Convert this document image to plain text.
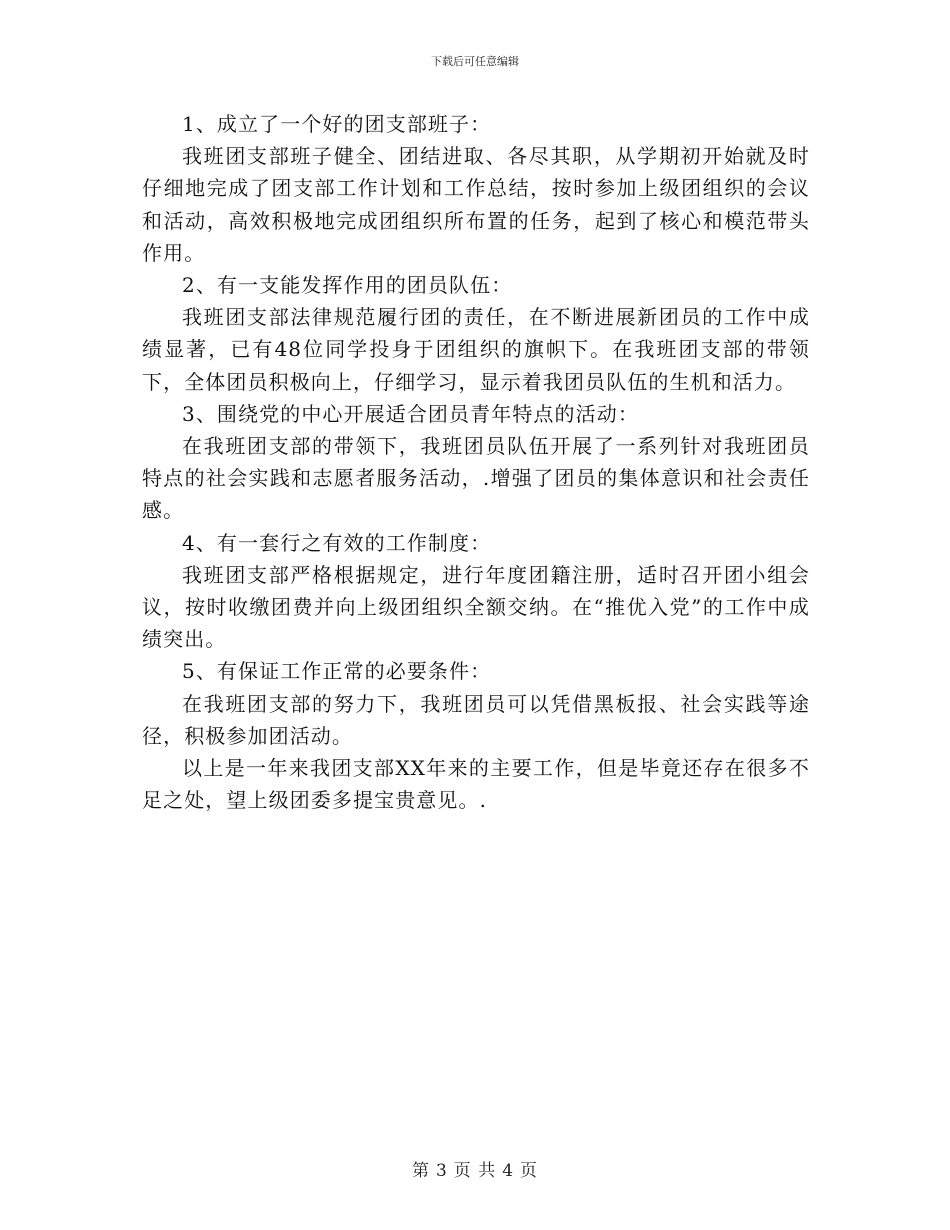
下载后可任意编辑

1、成立了一个好的团支部班子：

我班团支部班子健全、团结进取、各尽其职，从学期初开始就及时仔细地完成了团支部工作计划和工作总结，按时参加上级团组织的会议和活动，高效积极地完成团组织所布置的任务，起到了核心和模范带头作用。

2、有一支能发挥作用的团员队伍：

我班团支部法律规范履行团的责任，在不断进展新团员的工作中成绩显著，已有48位同学投身于团组织的旗帜下。在我班团支部的带领下，全体团员积极向上，仔细学习，显示着我团员队伍的生机和活力。

3、围绕党的中心开展适合团员青年特点的活动：

在我班团支部的带领下，我班团员队伍开展了一系列针对我班团员特点的社会实践和志愿者服务活动，.增强了团员的集体意识和社会责任感。

4、有一套行之有效的工作制度：

我班团支部严格根据规定，进行年度团籍注册，适时召开团小组会议，按时收缴团费并向上级团组织全额交纳。在“推优入党”的工作中成绩突出。

5、有保证工作正常的必要条件：

在我班团支部的努力下，我班团员可以凭借黑板报、社会实践等途径，积极参加团活动。

以上是一年来我团支部XX年来的主要工作，但是毕竟还存在很多不足之处，望上级团委多提宝贵意见。.

第 3 页 共 4 页
